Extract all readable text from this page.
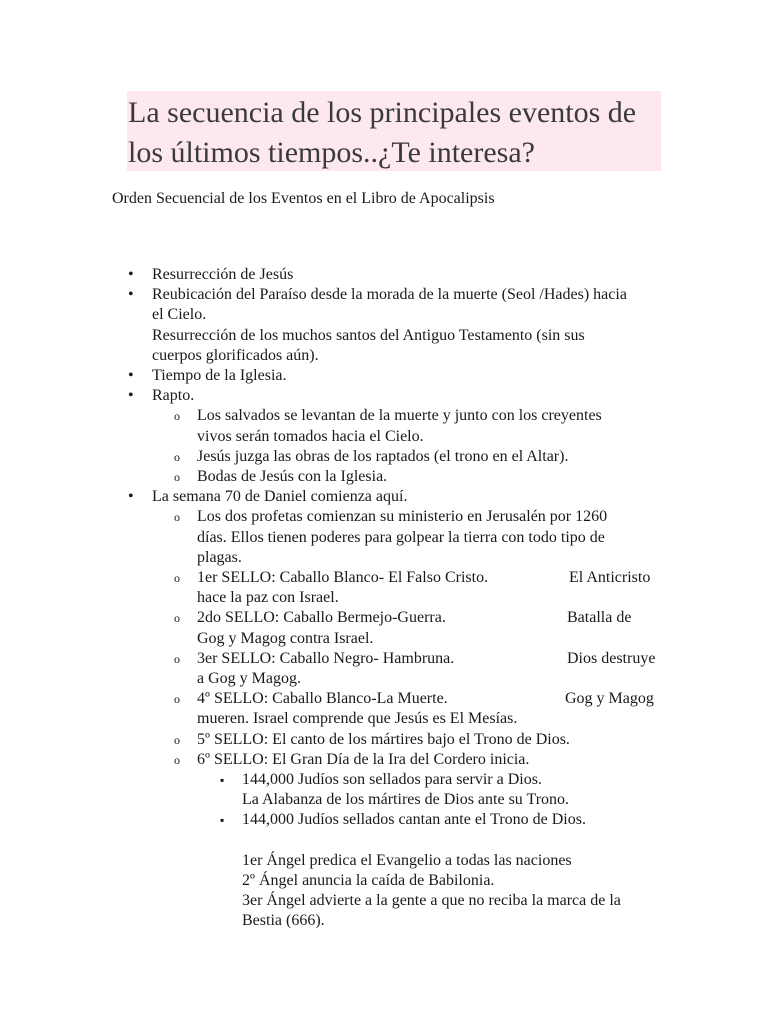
La secuencia de los principales eventos de los últimos tiempos..¿Te interesa?

Orden Secuencial de los Eventos en el Libro de Apocalipsis

• Resurrección de Jesús
• Reubicación del Paraíso desde la morada de la muerte (Seol /Hades) hacia
el Cielo.
Resurrección de los muchos santos del Antiguo Testamento (sin sus
cuerpos glorificados aún).
• Tiempo de la Iglesia.
• Rapto.
o Los salvados se levantan de la muerte y junto con los creyentes
vivos serán tomados hacia el Cielo.
o Jesús juzga las obras de los raptados (el trono en el Altar).
o Bodas de Jesús con la Iglesia.
• La semana 70 de Daniel comienza aquí.
o Los dos profetas comienzan su ministerio en Jerusalén por 1260
días. Ellos tienen poderes para golpear la tierra con todo tipo de
plagas.
o 1er SELLO: Caballo Blanco- El Falso Cristo.	El Anticristo
hace la paz con Israel.
o 2do SELLO: Caballo Bermejo-Guerra.	Batalla de
Gog y Magog contra Israel.
o 3er SELLO: Caballo Negro- Hambruna.	Dios destruye
a Gog y Magog.
o 4º SELLO: Caballo Blanco-La Muerte.	Gog y Magog
mueren. Israel comprende que Jesús es El Mesías.
o 5º SELLO: El canto de los mártires bajo el Trono de Dios.
o 6º SELLO: El Gran Día de la Ira del Cordero inicia.
▪ 144,000 Judíos son sellados para servir a Dios.
La Alabanza de los mártires de Dios ante su Trono.
▪ 144,000 Judíos sellados cantan ante el Trono de Dios.
1er Ángel predica el Evangelio a todas las naciones
2º Ángel anuncia la caída de Babilonia.
3er Ángel advierte a la gente a que no reciba la marca de la
Bestia (666).
